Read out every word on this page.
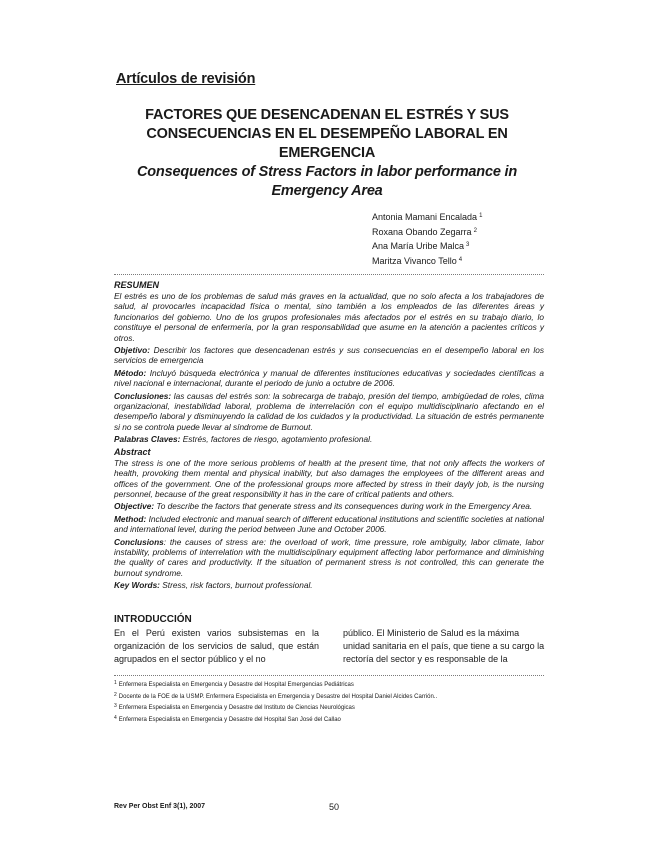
Artículos de revisión
FACTORES QUE DESENCADENAN EL ESTRÉS Y SUS
CONSECUENCIAS EN EL DESEMPEÑO LABORAL EN
EMERGENCIA
Consequences of Stress Factors in labor performance in
Emergency Area
Antonia Mamani Encalada $^1$
Roxana Obando Zegarra $^2$
Ana María Uribe Malca $^3$
Maritza Vivanco Tello $^4$
RESUMEN

El estrés es uno de los problemas de salud más graves en la actualidad, que no solo afecta a los trabajadores de salud, al provocarles incapacidad física o mental, sino también a los empleados de las diferentes áreas y funcionarios del gobierno. Uno de los grupos profesionales más afectados por el estrés en su trabajo diario, lo constituye el personal de enfermería, por la gran responsabilidad que asume en la atención a pacientes críticos y otros.

Objetivo: Describir los factores que desencadenan estrés y sus consecuencias en el desempeño laboral en los servicios de emergencia

Método: Incluyó búsqueda electrónica y manual de diferentes instituciones educativas y sociedades científicas a nivel nacional e internacional, durante el periodo de junio a octubre de 2006.

Conclusiones: las causas del estrés son: la sobrecarga de trabajo, presión del tiempo, ambigüedad de roles, clima organizacional, inestabilidad laboral, problema de interrelación con el equipo multidisciplinario afectando en el desempeño laboral y disminuyendo la calidad de los cuidados y la productividad. La situación de estrés permanente si no se controla puede llevar al síndrome de Burnout.

Palabras Claves: Estrés, factores de riesgo, agotamiento profesional.

Abstract

The stress is one of the more serious problems of health at the present time, that not only affects the workers of health, provoking them mental and physical inability, but also damages the employees of the different areas and offices of the government. One of the professional groups more affected by stress in their dayly job, is the nursing personnel, because of the great responsibility it has in the care of critical patients and others.

Objective: To describe the factors that generate stress and its consequences during work in the Emergency Area.

Method: Included electronic and manual search of different educational institutions and scientific societies at national and international level, during the period between June and October 2006.

Conclusions: the causes of stress are: the overload of work, time pressure, role ambiguity, labor climate, labor instability, problems of interrelation with the multidisciplinary equipment affecting labor performance and diminishing the quality of cares and productivity. If the situation of permanent stress is not controlled, this can generate the burnout syndrome.

Key Words: Stress, risk factors, burnout professional.

INTRODUCCIÓN
En el Perú existen varios subsistemas en la organización de los servicios de salud, que están agrupados en el sector público y el no
público. El Ministerio de Salud es la máxima unidad sanitaria en el país, que tiene a su cargo la rectoría del sector y es responsable de la
$^1$ Enfermera Especialista en Emergencia y Desastre del Hospital Emergencias Pediátricas
$^2$ Docente de la FOE de la USMP. Enfermera Especialista en Emergencia y Desastre del Hospital Daniel Alcides Carrión..
$^3$ Enfermera Especialista en Emergencia y Desastre del Instituto de Ciencias Neurológicas
$^4$ Enfermera Especialista en Emergencia y Desastre del Hospital San José del Callao
Rev Per Obst Enf 3(1), 2007	50
